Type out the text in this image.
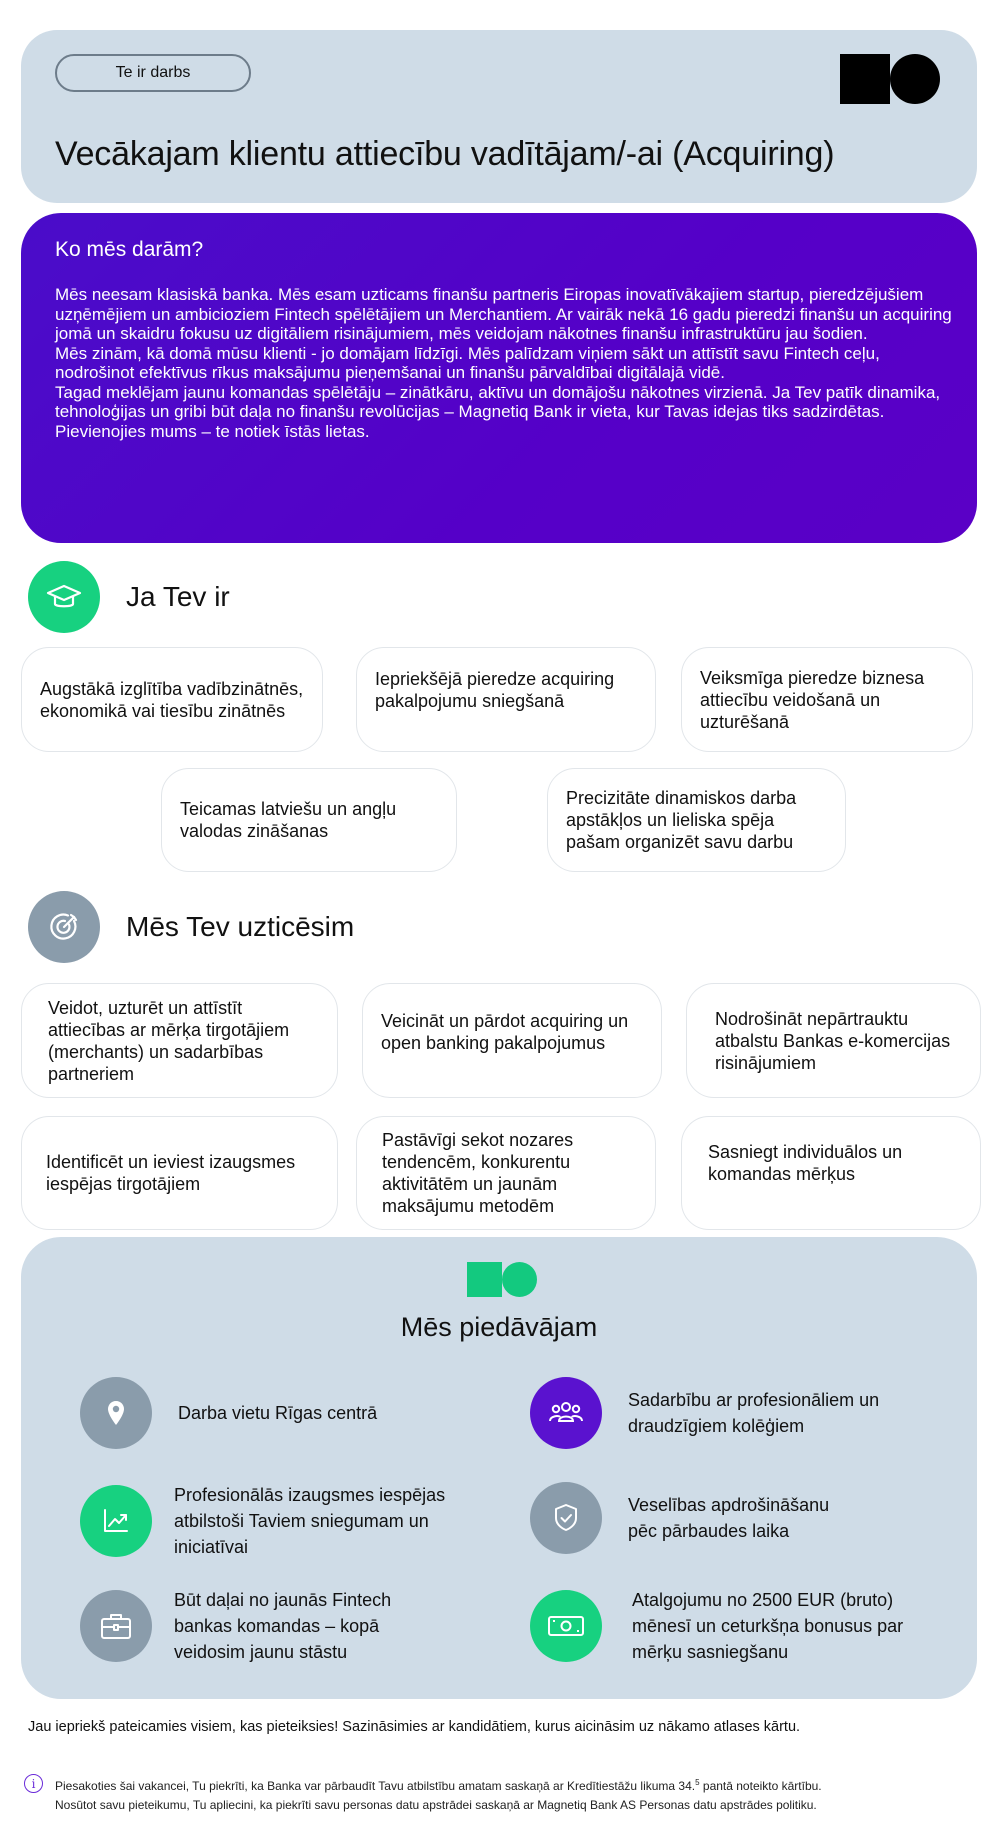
Te ir darbs
Vecākajam klientu attiecību vadītājam/-ai (Acquiring)
Ko mēs darām?

Mēs neesam klasiskā banka. Mēs esam uzticams finanšu partneris Eiropas inovatīvākajiem startup, pieredzējušiem uzņēmējiem un ambicioziem Fintech spēlētājiem un Merchantiem. Ar vairāk nekā 16 gadu pieredzi finanšu un acquiring jomā un skaidru fokusu uz digitāliem risinājumiem, mēs veidojam nākotnes finanšu infrastruktūru jau šodien.

Mēs zinām, kā domā mūsu klienti - jo domājam līdzīgi. Mēs palīdzam viņiem sākt un attīstīt savu Fintech ceļu, nodrošinot efektīvus rīkus maksājumu pieņemšanai un finanšu pārvaldībai digitālajā vidē.

Tagad meklējam jaunu komandas spēlētāju – zinātkāru, aktīvu un domājošu nākotnes virzienā. Ja Tev patīk dinamika, tehnoloģijas un gribi būt daļa no finanšu revolūcijas – Magnetiq Bank ir vieta, kur Tavas idejas tiks sadzirdētas.

Pievienojies mums – te notiek īstās lietas.

Ja Tev ir
Augstākā izglītība vadībzinātnēs, ekonomikā vai tiesību zinātnēs
Iepriekšējā pieredze acquiring pakalpojumu sniegšanā
Veiksmīga pieredze biznesa attiecību veidošanā un uzturēšanā
Teicamas latviešu un angļu valodas zināšanas
Precizitāte dinamiskos darba apstākļos un lieliska spēja pašam organizēt savu darbu
Mēs Tev uzticēsim
Veidot, uzturēt un attīstīt attiecības ar mērķa tirgotājiem (merchants) un sadarbības partneriem
Veicināt un pārdot acquiring un open banking pakalpojumus
Nodrošināt nepārtrauktu atbalstu Bankas e-komercijas risinājumiem
Identificēt un ieviest izaugsmes iespējas tirgotājiem
Pastāvīgi sekot nozares tendencēm, konkurentu aktivitātēm un jaunām maksājumu metodēm
Sasniegt individuālos un komandas mērķus
Mēs piedāvājam
Darba vietu Rīgas centrā
Sadarbību ar profesionāliem un draudzīgiem kolēģiem
Profesionālās izaugsmes iespējas atbilstoši Taviem sniegumam un iniciatīvai
Veselības apdrošināšanu pēc pārbaudes laika
Būt daļai no jaunās Fintech bankas komandas – kopā veidosim jaunu stāstu
Atalgojumu no 2500 EUR (bruto) mēnesī un ceturkšņa bonusus par mērķu sasniegšanu
Jau iepriekš pateicamies visiem, kas pieteiksies! Sazināsimies ar kandidātiem, kurus aicināsim uz nākamo atlases kārtu.
i	Piesakoties šai vakancei, Tu piekrīti, ka Banka var pārbaudīt Tavu atbilstību amatam saskaņā ar Kredītiestāžu likuma 34.$^5$ pantā noteikto kārtību.
Nosūtot savu pieteikumu, Tu apliecini, ka piekrīti savu personas datu apstrādei saskaņā ar Magnetiq Bank AS Personas datu apstrādes politiku.
